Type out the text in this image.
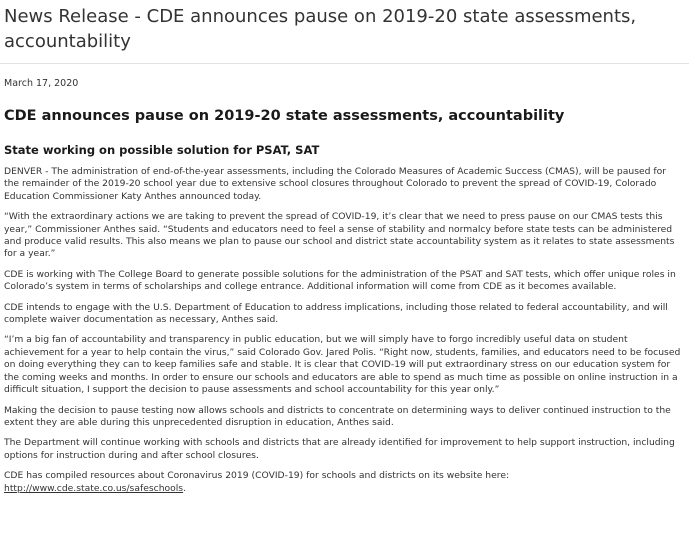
News Release - CDE announces pause on 2019-20 state assessments, accountability
March 17, 2020
CDE announces pause on 2019-20 state assessments, accountability
State working on possible solution for PSAT, SAT

DENVER - The administration of end-of-the-year assessments, including the Colorado Measures of Academic Success (CMAS), will be paused for the remainder of the 2019-20 school year due to extensive school closures throughout Colorado to prevent the spread of COVID-19, Colorado Education Commissioner Katy Anthes announced today.

“With the extraordinary actions we are taking to prevent the spread of COVID-19, it’s clear that we need to press pause on our CMAS tests this year,” Commissioner Anthes said. “Students and educators need to feel a sense of stability and normalcy before state tests can be administered and produce valid results. This also means we plan to pause our school and district state accountability system as it relates to state assessments for a year.”

CDE is working with The College Board to generate possible solutions for the administration of the PSAT and SAT tests, which offer unique roles in Colorado’s system in terms of scholarships and college entrance. Additional information will come from CDE as it becomes available.

CDE intends to engage with the U.S. Department of Education to address implications, including those related to federal accountability, and will complete waiver documentation as necessary, Anthes said.

“I’m a big fan of accountability and transparency in public education, but we will simply have to forgo incredibly useful data on student achievement for a year to help contain the virus,” said Colorado Gov. Jared Polis. “Right now, students, families, and educators need to be focused on doing everything they can to keep families safe and stable. It is clear that COVID-19 will put extraordinary stress on our education system for the coming weeks and months. In order to ensure our schools and educators are able to spend as much time as possible on online instruction in a difficult situation, I support the decision to pause assessments and school accountability for this year only.”

Making the decision to pause testing now allows schools and districts to concentrate on determining ways to deliver continued instruction to the extent they are able during this unprecedented disruption in education, Anthes said.

The Department will continue working with schools and districts that are already identified for improvement to help support instruction, including options for instruction during and after school closures.

CDE has compiled resources about Coronavirus 2019 (COVID-19) for schools and districts on its website here: http://www.cde.state.co.us/safeschools.
